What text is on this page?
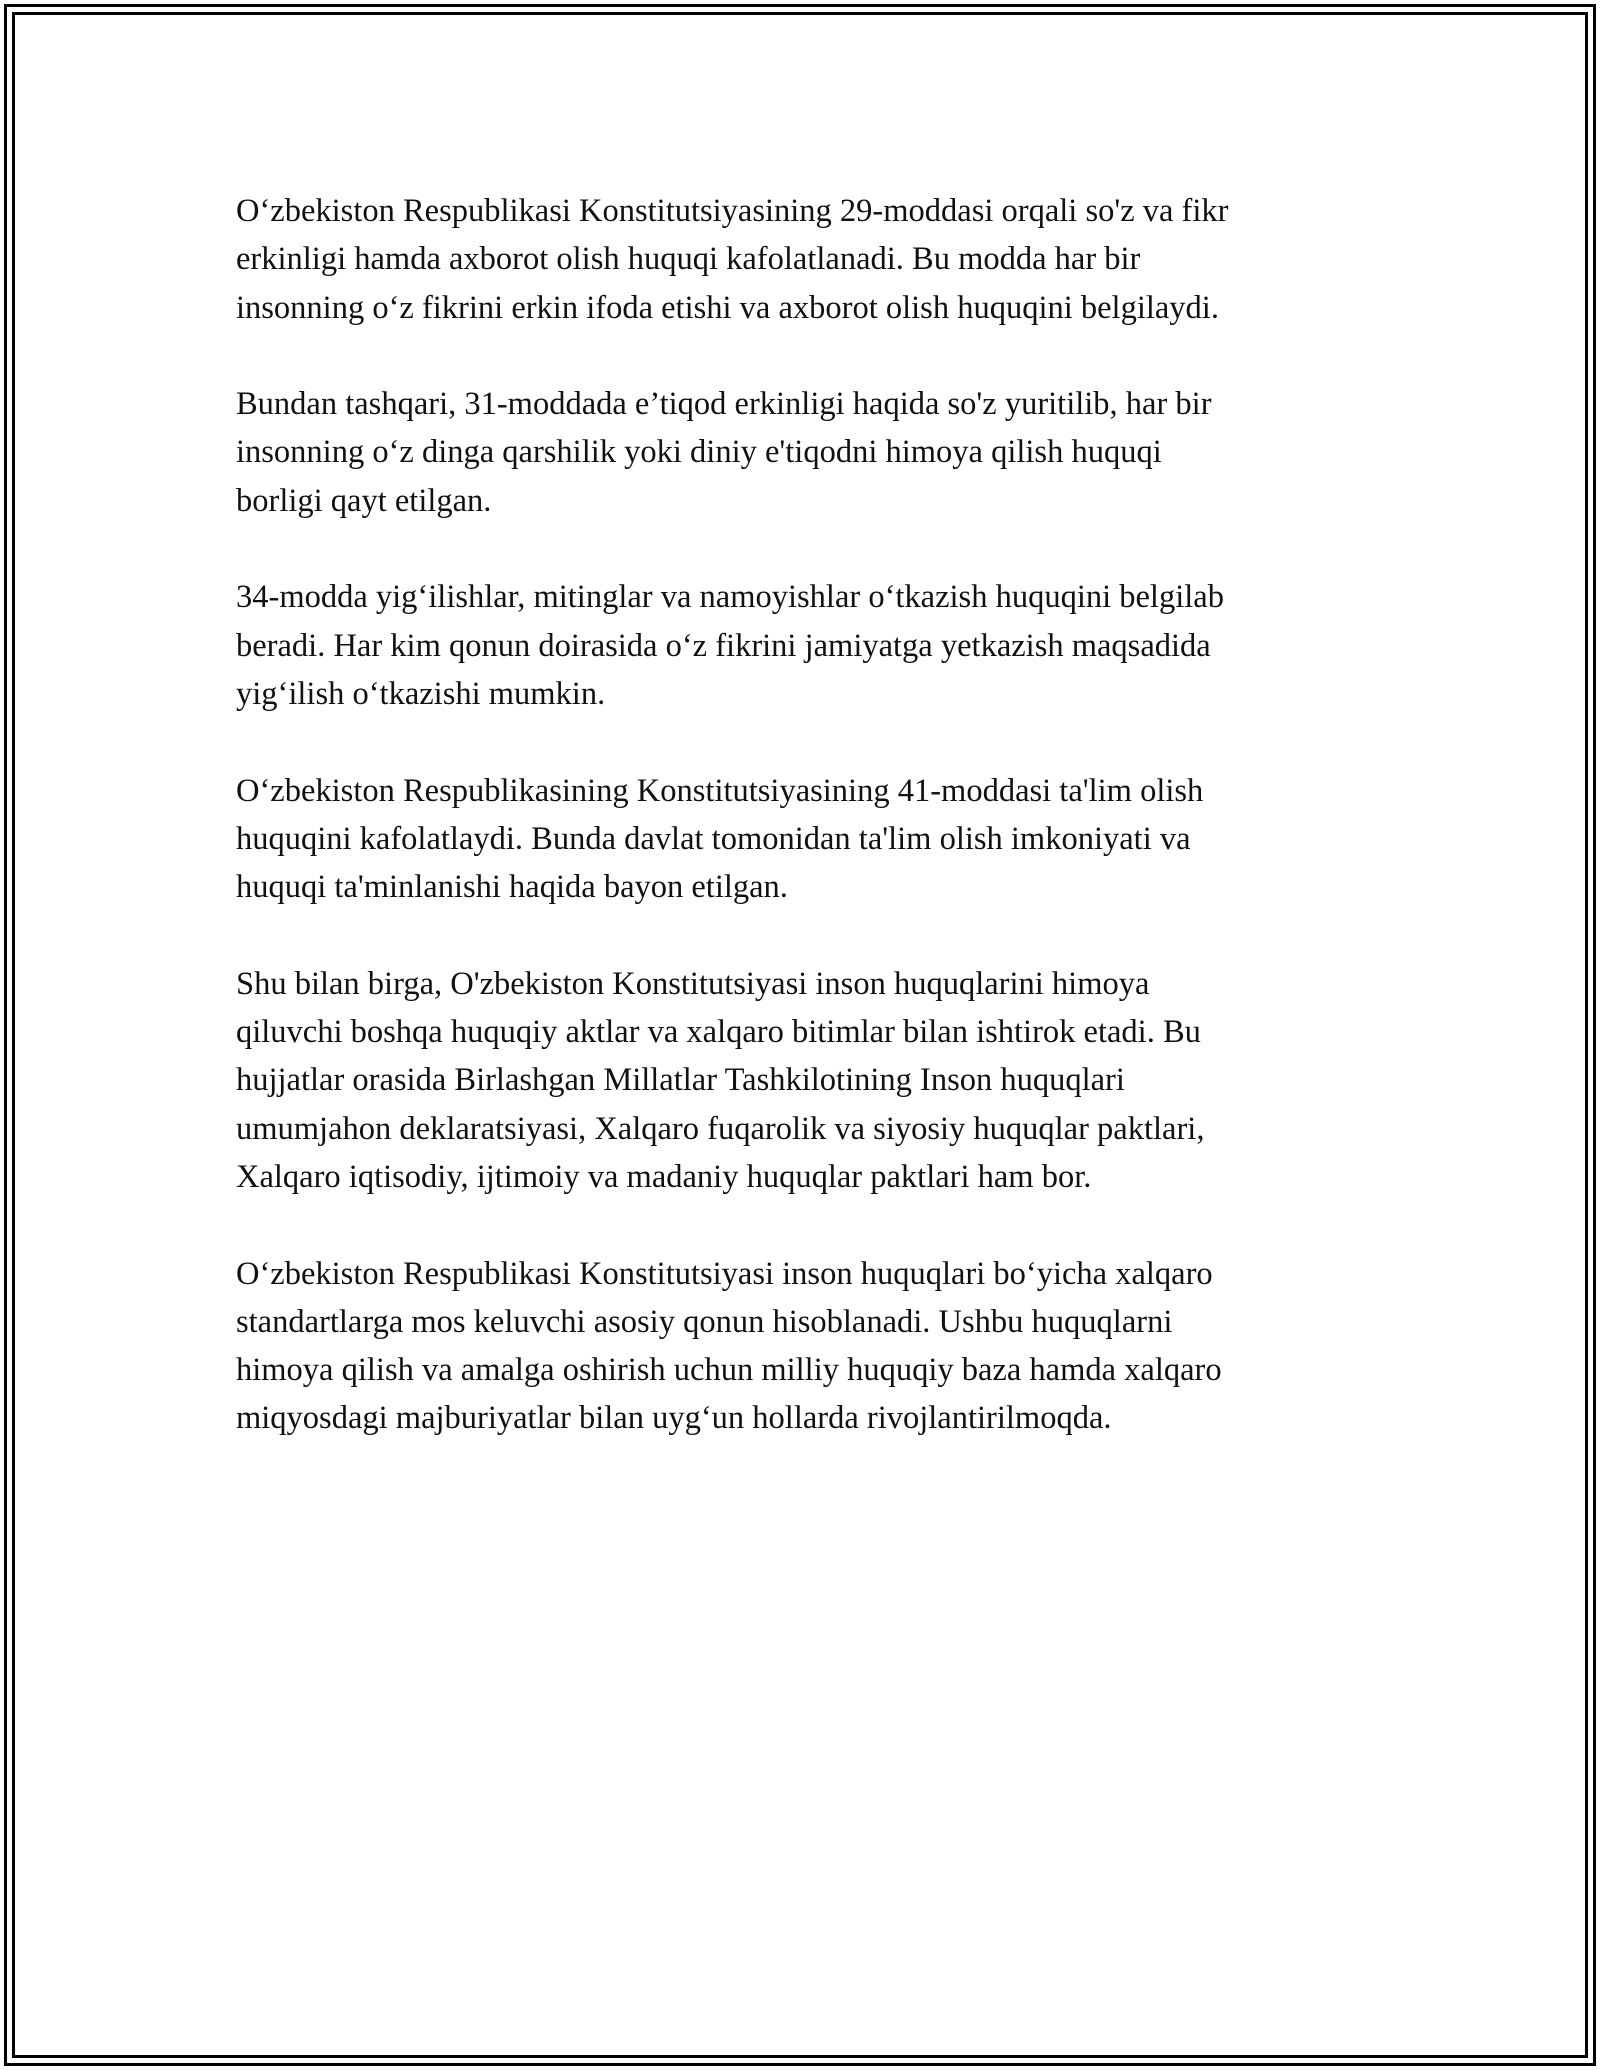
O‘zbekiston Respublikasi Konstitutsiyasining 29-moddasi orqali so'z va fikr
erkinligi hamda axborot olish huquqi kafolatlanadi. Bu modda har bir
insonning o‘z fikrini erkin ifoda etishi va axborot olish huquqini belgilaydi.

Bundan tashqari, 31-moddada e’tiqod erkinligi haqida so'z yuritilib, har bir
insonning o‘z dinga qarshilik yoki diniy e'tiqodni himoya qilish huquqi
borligi qayt etilgan.

34-modda yig‘ilishlar, mitinglar va namoyishlar o‘tkazish huquqini belgilab
beradi. Har kim qonun doirasida o‘z fikrini jamiyatga yetkazish maqsadida
yig‘ilish o‘tkazishi mumkin.

O‘zbekiston Respublikasining Konstitutsiyasining 41-moddasi ta'lim olish
huquqini kafolatlaydi. Bunda davlat tomonidan ta'lim olish imkoniyati va
huquqi ta'minlanishi haqida bayon etilgan.

Shu bilan birga, O'zbekiston Konstitutsiyasi inson huquqlarini himoya
qiluvchi boshqa huquqiy aktlar va xalqaro bitimlar bilan ishtirok etadi. Bu
hujjatlar orasida Birlashgan Millatlar Tashkilotining Inson huquqlari
umumjahon deklaratsiyasi, Xalqaro fuqarolik va siyosiy huquqlar paktlari,
Xalqaro iqtisodiy, ijtimoiy va madaniy huquqlar paktlari ham bor.

O‘zbekiston Respublikasi Konstitutsiyasi inson huquqlari bo‘yicha xalqaro
standartlarga mos keluvchi asosiy qonun hisoblanadi. Ushbu huquqlarni
himoya qilish va amalga oshirish uchun milliy huquqiy baza hamda xalqaro
miqyosdagi majburiyatlar bilan uyg‘un hollarda rivojlantirilmoqda.
